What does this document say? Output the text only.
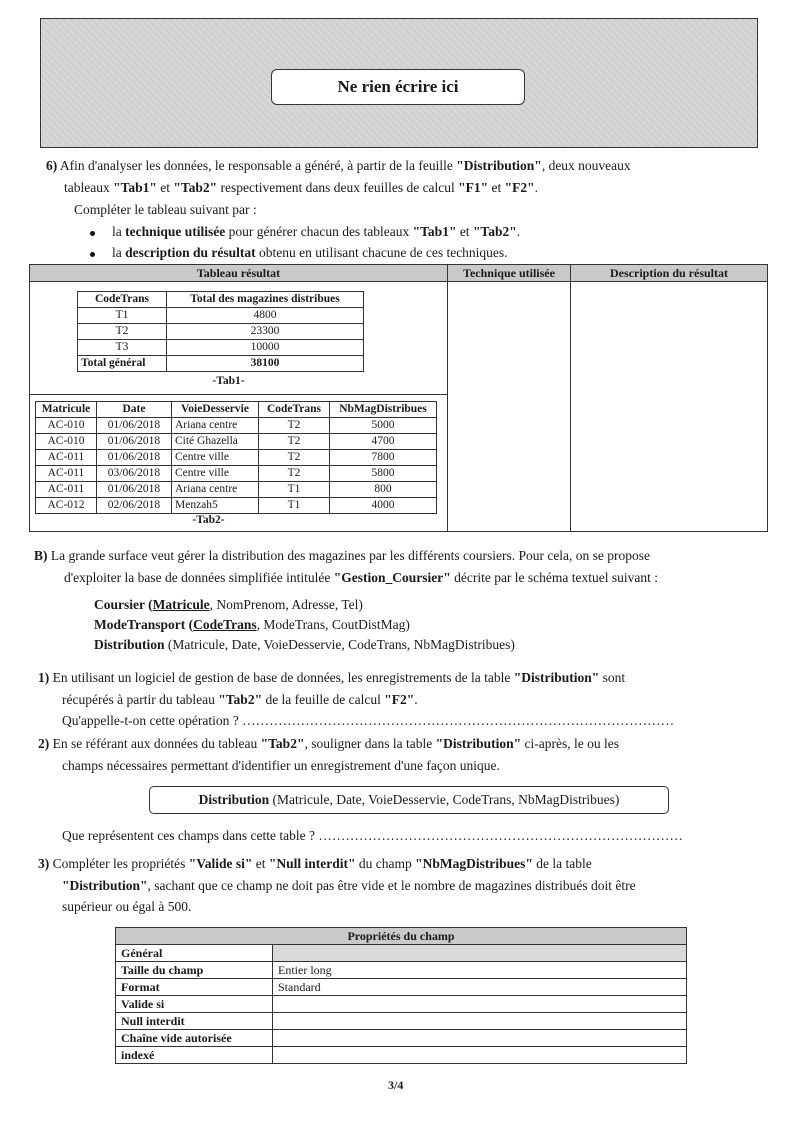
Ne rien écrire ici
6) Afin d'analyser les données, le responsable a généré, à partir de la feuille "Distribution", deux nouveaux
tableaux "Tab1" et "Tab2" respectivement dans deux feuilles de calcul "F1" et "F2".
Compléter le tableau suivant par :
la technique utilisée pour générer chacun des tableaux "Tab1" et "Tab2".
la description du résultat obtenu en utilisant chacune de ces techniques.
Tableau résultat	Technique utilisée	Description du résultat

CodeTrans	Total des magazines distribues
T1	4800
T2	23300
T3	10000
Total général	38100
-Tab1-

Matricule	Date	VoieDesservie	CodeTrans	NbMagDistribues
AC-010	01/06/2018	Ariana centre	T2	5000
AC-010	01/06/2018	Cité Ghazella	T2	4700
AC-011	01/06/2018	Centre ville	T2	7800
AC-011	03/06/2018	Centre ville	T2	5800
AC-011	01/06/2018	Ariana centre	T1	800
AC-012	02/06/2018	Menzah5	T1	4000
-Tab2-
B) La grande surface veut gérer la distribution des magazines par les différents coursiers. Pour cela, on se propose
d'exploiter la base de données simplifiée intitulée "Gestion_Coursier" décrite par le schéma textuel suivant :
Coursier (Matricule, NomPrenom, Adresse, Tel)
ModeTransport (CodeTrans, ModeTrans, CoutDistMag)
Distribution (Matricule, Date, VoieDesservie, CodeTrans, NbMagDistribues)
1) En utilisant un logiciel de gestion de base de données, les enregistrements de la table "Distribution" sont
récupérés à partir du tableau "Tab2" de la feuille de calcul "F2".
Qu'appelle-t-on cette opération ? ……………………………………………………………………………………
2) En se référant aux données du tableau "Tab2", souligner dans la table "Distribution" ci-après, le ou les
champs nécessaires permettant d'identifier un enregistrement d'une façon unique.
Distribution (Matricule, Date, VoieDesservie, CodeTrans, NbMagDistribues)
Que représentent ces champs dans cette table ? ………………………………………………………………………
3) Compléter les propriétés "Valide si" et "Null interdit" du champ "NbMagDistribues" de la table
"Distribution", sachant que ce champ ne doit pas être vide et le nombre de magazines distribués doit être
supérieur ou égal à 500.
Propriétés du champ	
Général	
Taille du champ	Entier long
Format	Standard
Valide si	
Null interdit	
Chaîne vide autorisée	
indexé	
3/4
